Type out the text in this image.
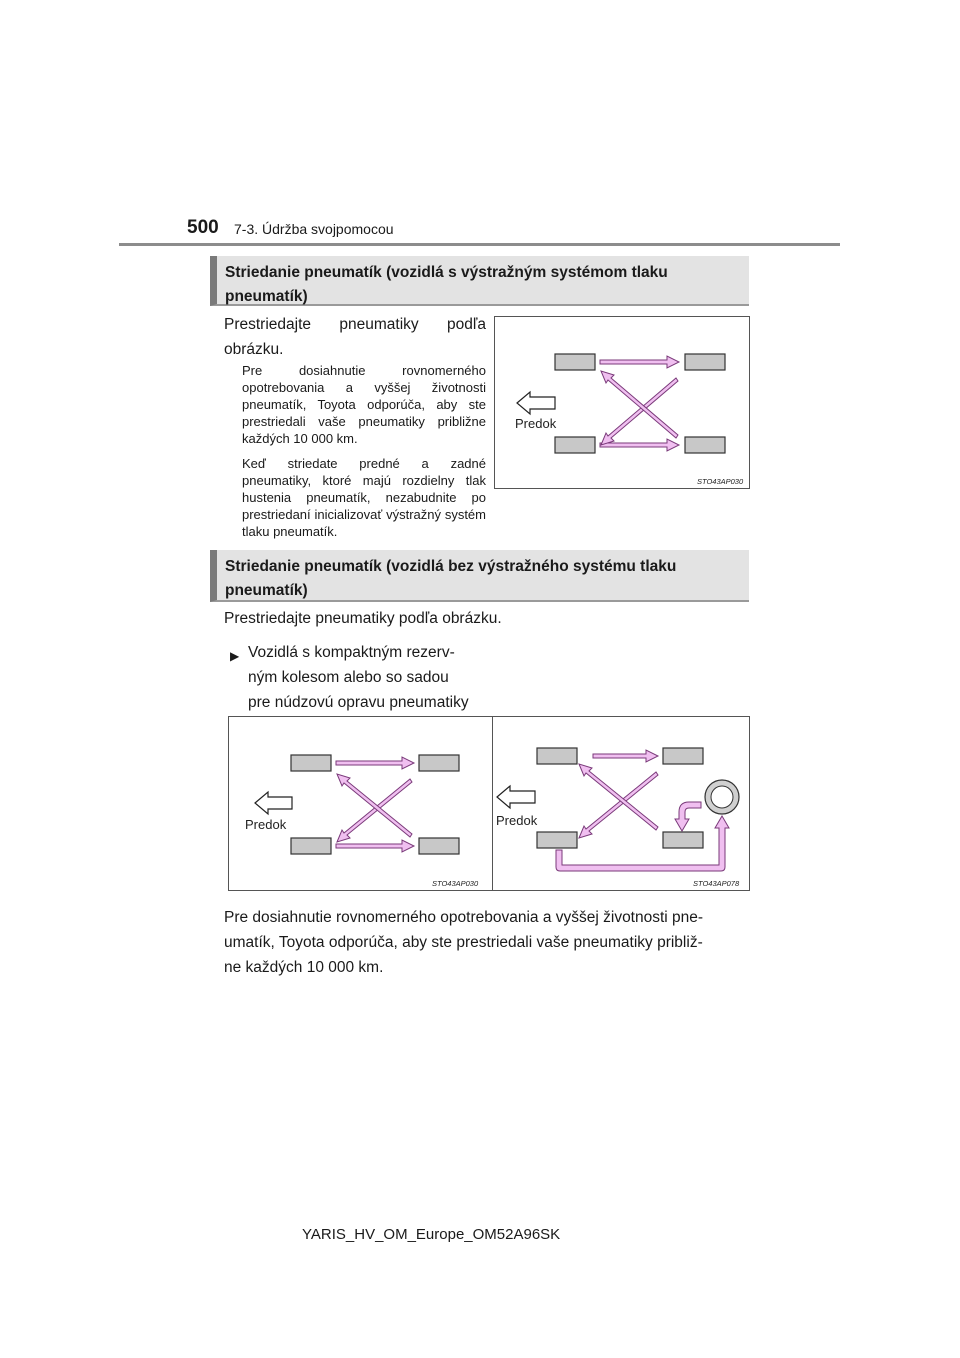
500 7-3. Údržba svojpomocou
Striedanie pneumatík (vozidlá s výstražným systémom tlaku
pneumatík)
Prestriedajte pneumatiky podľa
obrázku.
Pre dosiahnutie rovnomerného opotrebovania a vyššej životnosti pneumatík, Toyota odporúča, aby ste prestriedali vaše pneumatiky približne každých 10 000 km.
Keď striedate predné a zadné pneumatiky, ktoré majú rozdielny tlak hustenia pneumatík, nezabudnite po prestriedaní inicializovať výstražný systém tlaku pneumatík.
Predok
STO43AP030
Striedanie pneumatík (vozidlá bez výstražného systému tlaku
pneumatík)
Prestriedajte pneumatiky podľa obrázku.
▶ Vozidlá s kompaktným rezerv-
ným kolesom alebo so sadou
pre núdzovú opravu pneumatiky
Predok
STO43AP030
Predok
STO43AP078
Pre dosiahnutie rovnomerného opotrebovania a vyššej životnosti pne-
umatík, Toyota odporúča, aby ste prestriedali vaše pneumatiky približ-
ne každých 10 000 km.
YARIS_HV_OM_Europe_OM52A96SK
